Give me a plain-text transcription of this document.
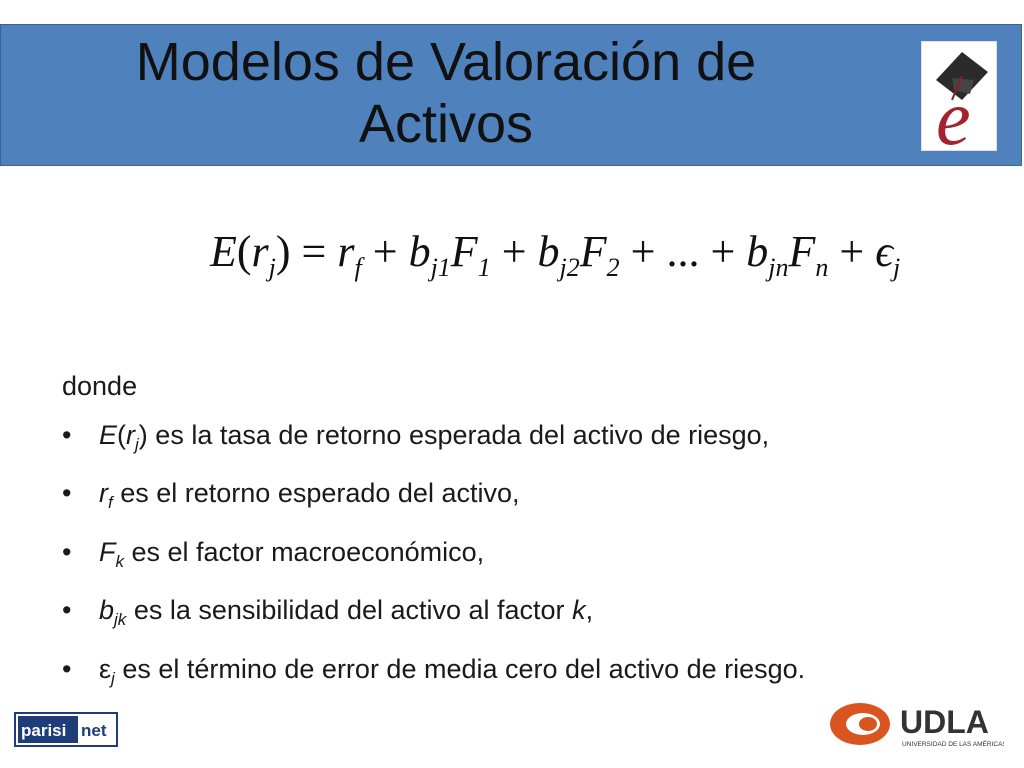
Modelos de Valoración de Activos	e
$E(r_j) = r_f + b_{j1}F_1 + b_{j2}F_2$ + ... + $b_{jn}F_n + \epsilon_j$
donde
• $E(r_j)$ es la tasa de retorno esperada del activo de riesgo,
• $r_f$ es el retorno esperado del activo,
• $F_k$ es el factor macroeconómico,
• $b_{jk}$ es la sensibilidad del activo al factor k,
• $\varepsilon_j$ es el término de error de media cero del activo de riesgo.
parisi net	UDLA
UNIVERSIDAD DE LAS AMÉRICAS
